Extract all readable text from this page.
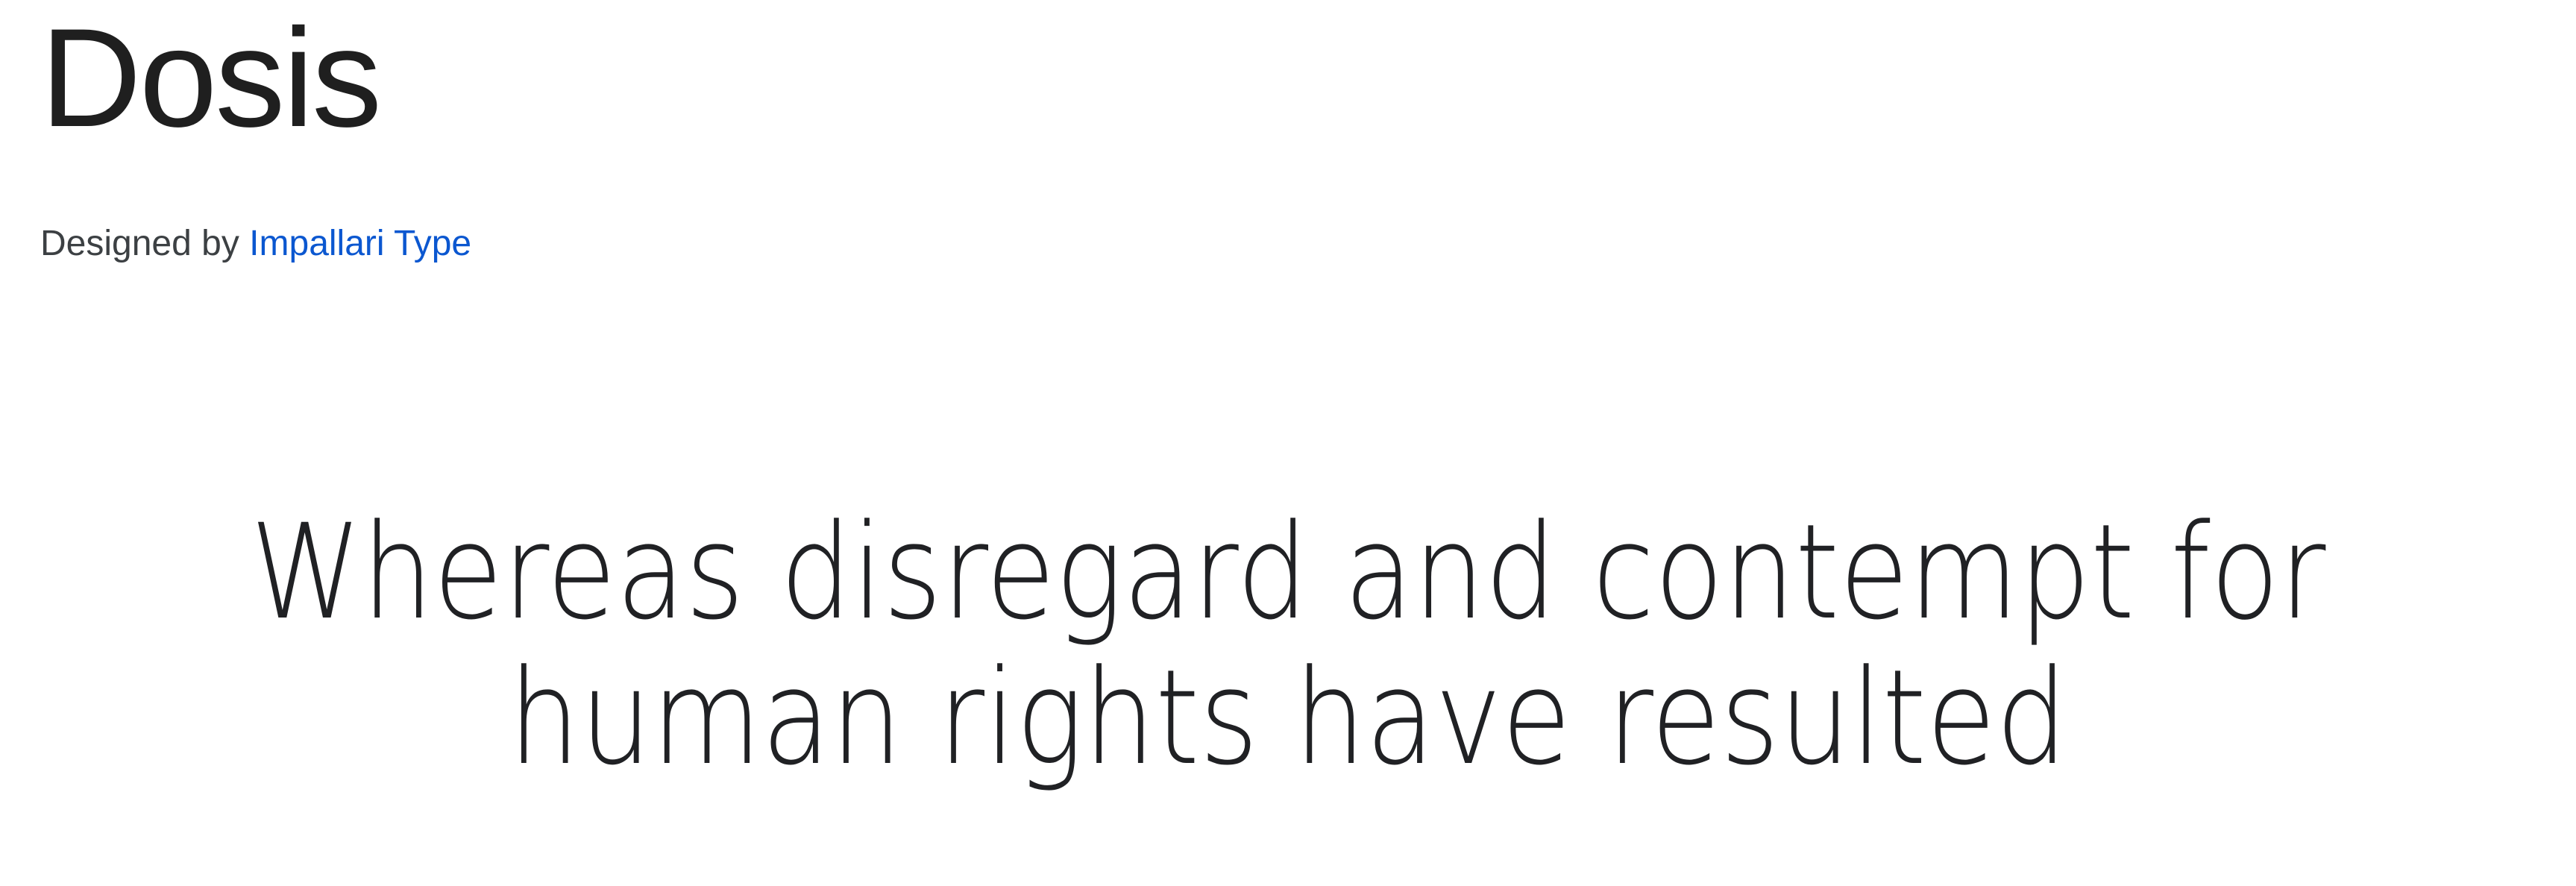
Dosis
Designed by Impallari Type
Whereas disregard and contempt for human rights have resulted
